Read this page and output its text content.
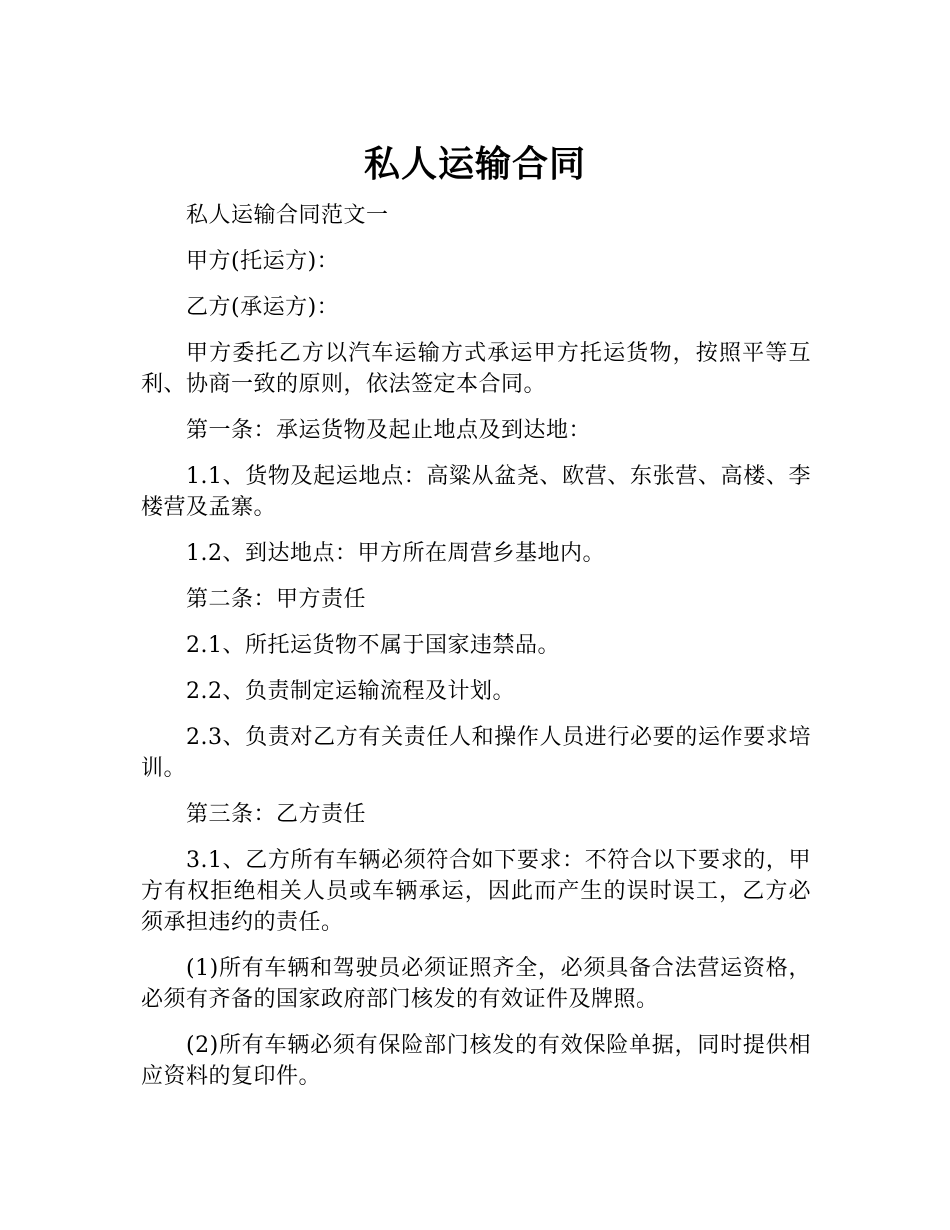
私人运输合同

私人运输合同范文一

甲方(托运方)：

乙方(承运方)：

甲方委托乙方以汽车运输方式承运甲方托运货物，按照平等互利、协商一致的原则，依法签定本合同。

第一条：承运货物及起止地点及到达地：

1.1、货物及起运地点：高粱从盆尧、欧营、东张营、高楼、李楼营及孟寨。

1.2、到达地点：甲方所在周营乡基地内。

第二条：甲方责任

2.1、所托运货物不属于国家违禁品。

2.2、负责制定运输流程及计划。

2.3、负责对乙方有关责任人和操作人员进行必要的运作要求培训。

第三条：乙方责任

3.1、乙方所有车辆必须符合如下要求：不符合以下要求的，甲方有权拒绝相关人员或车辆承运，因此而产生的误时误工，乙方必须承担违约的责任。

(1)所有车辆和驾驶员必须证照齐全，必须具备合法营运资格，必须有齐备的国家政府部门核发的有效证件及牌照。

(2)所有车辆必须有保险部门核发的有效保险单据，同时提供相应资料的复印件。
